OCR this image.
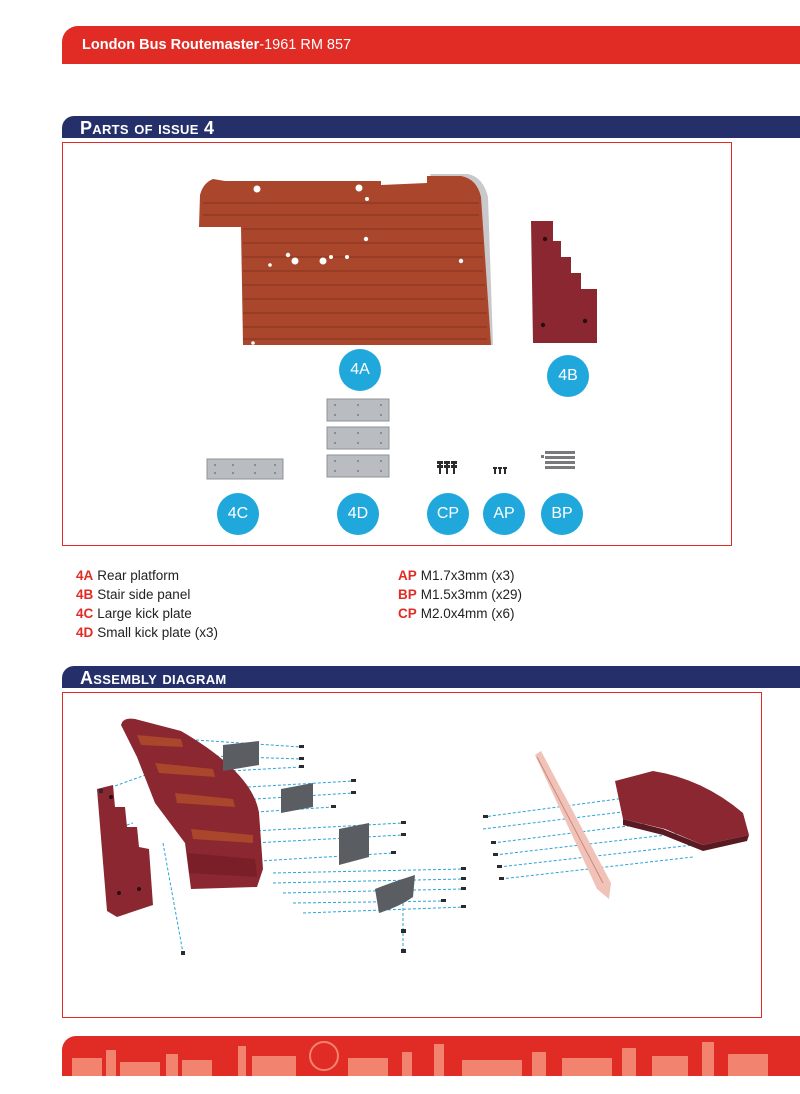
London Bus Routemaster-1961 RM 857
Parts of issue 4
4A	4B
4C	4D	CP	AP	BP
4A Rear platform
4B Stair side panel
4C Large kick plate
4D Small kick plate (x3)
AP M1.7x3mm (x3)
BP M1.5x3mm (x29)
CP M2.0x4mm (x6)
Assembly diagram
